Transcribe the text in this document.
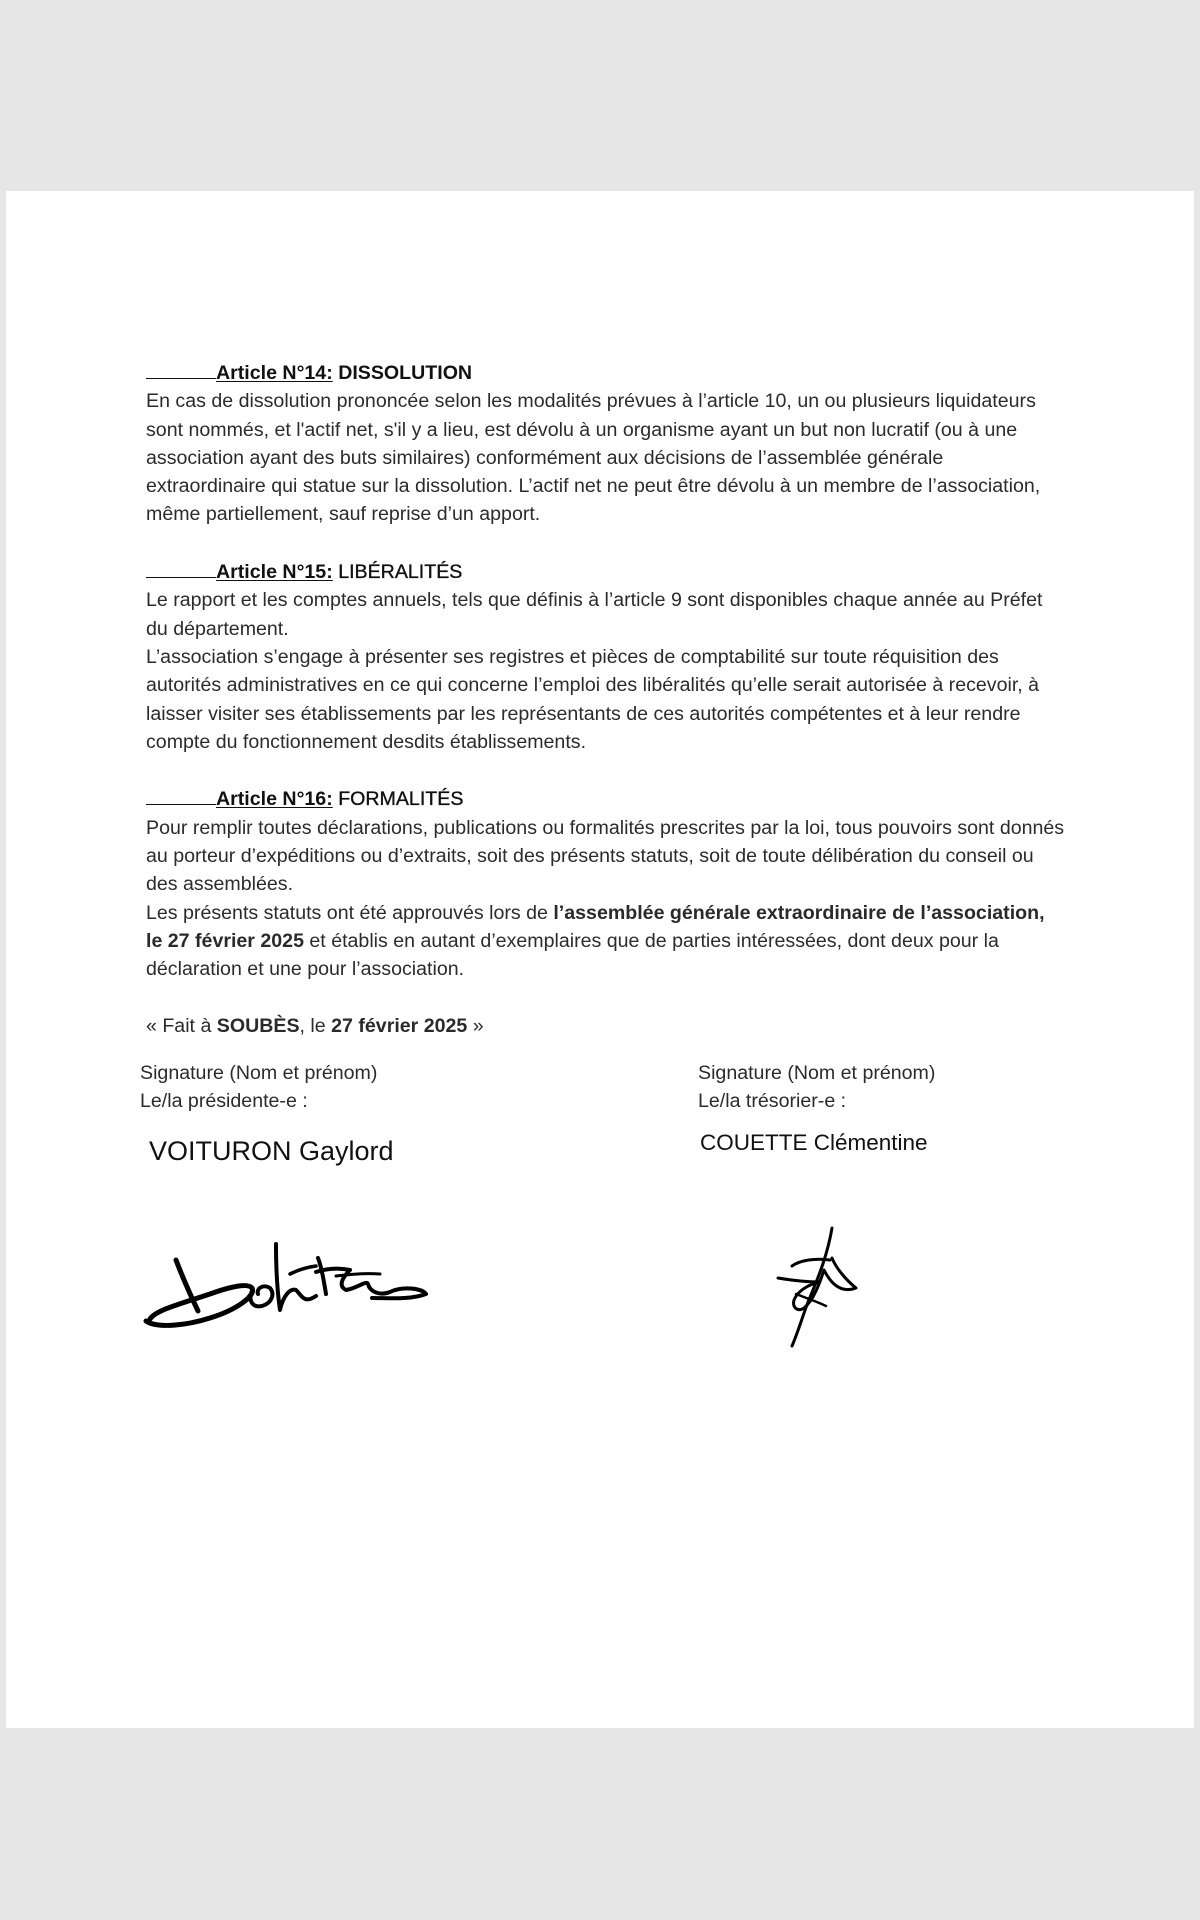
Article N°14: DISSOLUTION

En cas de dissolution prononcée selon les modalités prévues à l’article 10, un ou plusieurs liquidateurs sont nommés, et l'actif net, s'il y a lieu, est dévolu à un organisme ayant un but non lucratif (ou à une association ayant des buts similaires) conformément aux décisions de l’assemblée générale extraordinaire qui statue sur la dissolution. L’actif net ne peut être dévolu à un membre de l’association, même partiellement, sauf reprise d’un apport.

Article N°15: LIBÉRALITÉS

Le rapport et les comptes annuels, tels que définis à l’article 9 sont disponibles chaque année au Préfet du département.

L’association s’engage à présenter ses registres et pièces de comptabilité sur toute réquisition des autorités administratives en ce qui concerne l’emploi des libéralités qu’elle serait autorisée à recevoir, à laisser visiter ses établissements par les représentants de ces autorités compétentes et à leur rendre compte du fonctionnement desdits établissements.

Article N°16: FORMALITÉS

Pour remplir toutes déclarations, publications ou formalités prescrites par la loi, tous pouvoirs sont donnés au porteur d’expéditions ou d’extraits, soit des présents statuts, soit de toute délibération du conseil ou des assemblées.

Les présents statuts ont été approuvés lors de l’assemblée générale extraordinaire de l’association, le 27 février 2025 et établis en autant d’exemplaires que de parties intéressées, dont deux pour la déclaration et une pour l’association.

« Fait à SOUBÈS, le 27 février 2025 »

Signature (Nom et prénom)
Le/la présidente-e :
Signature (Nom et prénom)
Le/la trésorier-e :
VOITURON Gaylord	COUETTE Clémentine
